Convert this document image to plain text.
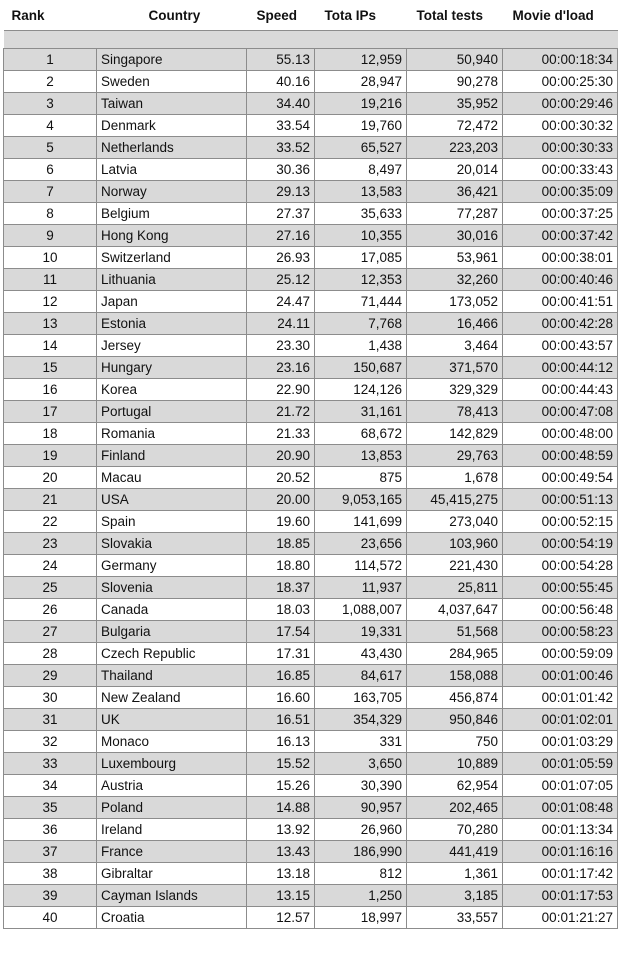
Rank	Country	Speed	Tota IPs	Total tests	Movie d'load

1	Singapore	55.13	12,959	50,940	00:00:18:34
2	Sweden	40.16	28,947	90,278	00:00:25:30
3	Taiwan	34.40	19,216	35,952	00:00:29:46
4	Denmark	33.54	19,760	72,472	00:00:30:32
5	Netherlands	33.52	65,527	223,203	00:00:30:33
6	Latvia	30.36	8,497	20,014	00:00:33:43
7	Norway	29.13	13,583	36,421	00:00:35:09
8	Belgium	27.37	35,633	77,287	00:00:37:25
9	Hong Kong	27.16	10,355	30,016	00:00:37:42
10	Switzerland	26.93	17,085	53,961	00:00:38:01
11	Lithuania	25.12	12,353	32,260	00:00:40:46
12	Japan	24.47	71,444	173,052	00:00:41:51
13	Estonia	24.11	7,768	16,466	00:00:42:28
14	Jersey	23.30	1,438	3,464	00:00:43:57
15	Hungary	23.16	150,687	371,570	00:00:44:12
16	Korea	22.90	124,126	329,329	00:00:44:43
17	Portugal	21.72	31,161	78,413	00:00:47:08
18	Romania	21.33	68,672	142,829	00:00:48:00
19	Finland	20.90	13,853	29,763	00:00:48:59
20	Macau	20.52	875	1,678	00:00:49:54
21	USA	20.00	9,053,165	45,415,275	00:00:51:13
22	Spain	19.60	141,699	273,040	00:00:52:15
23	Slovakia	18.85	23,656	103,960	00:00:54:19
24	Germany	18.80	114,572	221,430	00:00:54:28
25	Slovenia	18.37	11,937	25,811	00:00:55:45
26	Canada	18.03	1,088,007	4,037,647	00:00:56:48
27	Bulgaria	17.54	19,331	51,568	00:00:58:23
28	Czech Republic	17.31	43,430	284,965	00:00:59:09
29	Thailand	16.85	84,617	158,088	00:01:00:46
30	New Zealand	16.60	163,705	456,874	00:01:01:42
31	UK	16.51	354,329	950,846	00:01:02:01
32	Monaco	16.13	331	750	00:01:03:29
33	Luxembourg	15.52	3,650	10,889	00:01:05:59
34	Austria	15.26	30,390	62,954	00:01:07:05
35	Poland	14.88	90,957	202,465	00:01:08:48
36	Ireland	13.92	26,960	70,280	00:01:13:34
37	France	13.43	186,990	441,419	00:01:16:16
38	Gibraltar	13.18	812	1,361	00:01:17:42
39	Cayman Islands	13.15	1,250	3,185	00:01:17:53
40	Croatia	12.57	18,997	33,557	00:01:21:27
